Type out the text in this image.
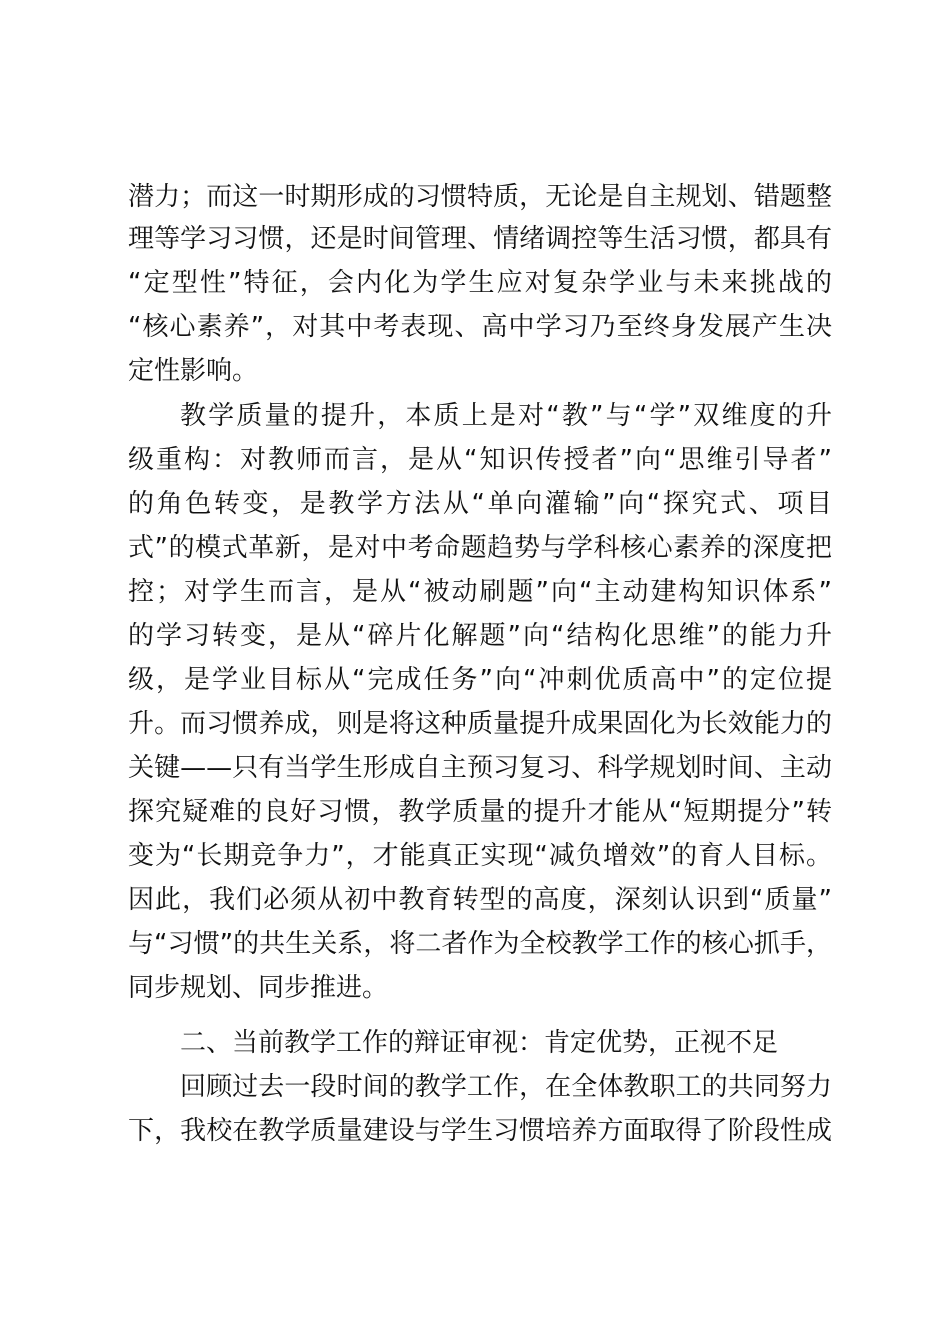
潜力；而这一时期形成的习惯特质，无论是自主规划、错题整
理等学习习惯，还是时间管理、情绪调控等生活习惯，都具有
“定型性”特征，会内化为学生应对复杂学业与未来挑战的
“核心素养”，对其中考表现、高中学习乃至终身发展产生决
定性影响。
教学质量的提升，本质上是对“教”与“学”双维度的升
级重构：对教师而言，是从“知识传授者”向“思维引导者”
的角色转变，是教学方法从“单向灌输”向“探究式、项目
式”的模式革新，是对中考命题趋势与学科核心素养的深度把
控；对学生而言，是从“被动刷题”向“主动建构知识体系”
的学习转变，是从“碎片化解题”向“结构化思维”的能力升
级，是学业目标从“完成任务”向“冲刺优质高中”的定位提
升。而习惯养成，则是将这种质量提升成果固化为长效能力的
关键——只有当学生形成自主预习复习、科学规划时间、主动
探究疑难的良好习惯，教学质量的提升才能从“短期提分”转
变为“长期竞争力”，才能真正实现“减负增效”的育人目标。
因此，我们必须从初中教育转型的高度，深刻认识到“质量”
与“习惯”的共生关系，将二者作为全校教学工作的核心抓手，
同步规划、同步推进。
二、当前教学工作的辩证审视：肯定优势，正视不足
回顾过去一段时间的教学工作，在全体教职工的共同努力
下，我校在教学质量建设与学生习惯培养方面取得了阶段性成
